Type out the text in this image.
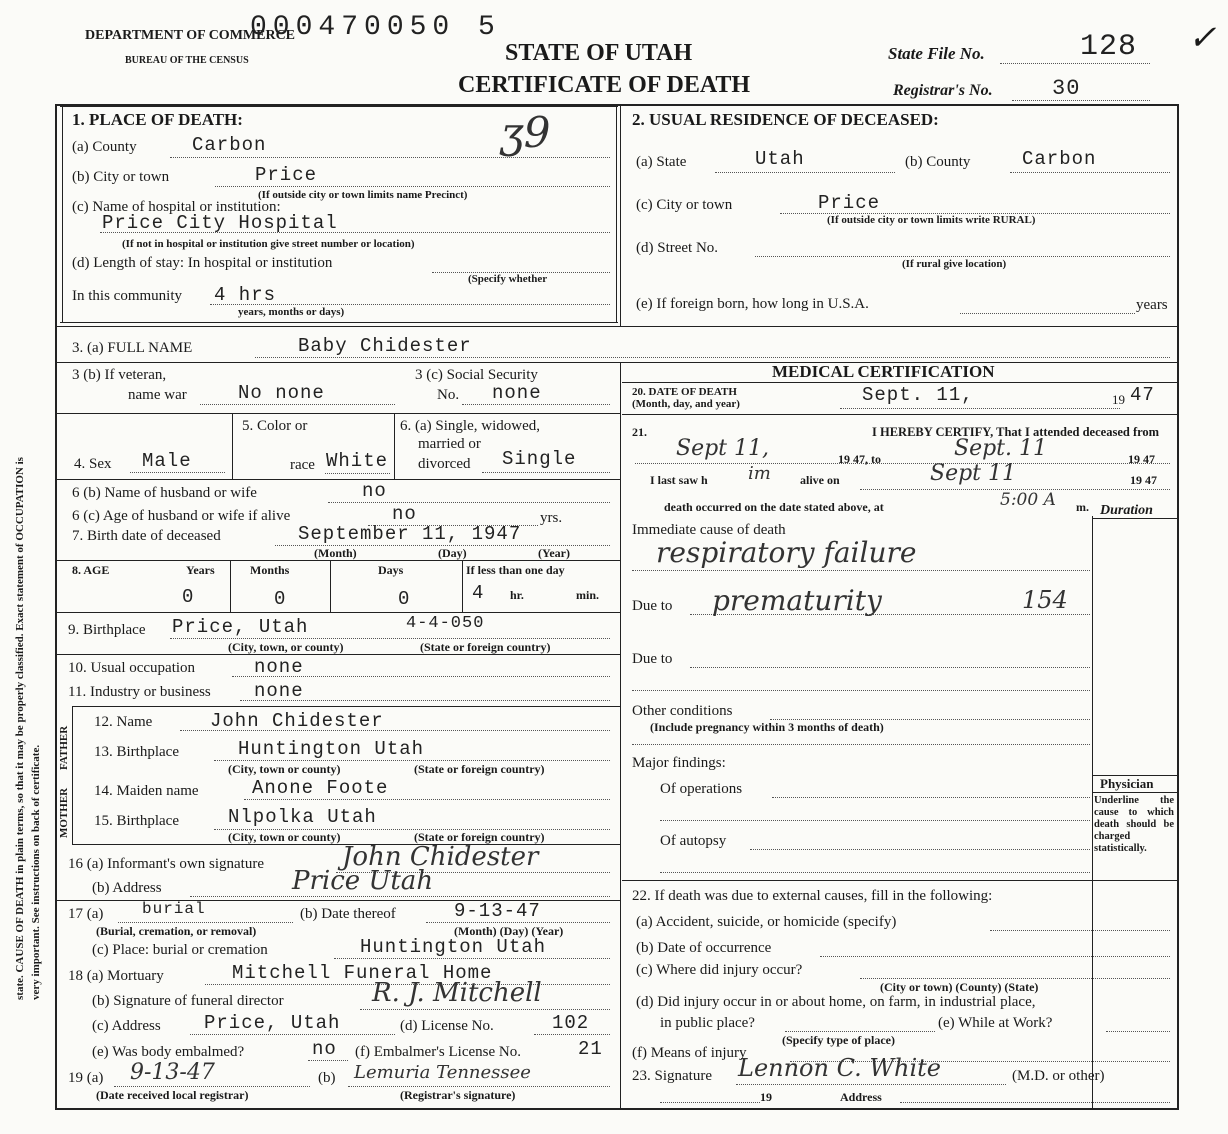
state. CAUSE OF DEATH in plain terms, so that it may be properly classified. Exact statement of OCCUPATION is very important. See instructions on back of certificate.
DEPARTMENT OF COMMERCE
BUREAU OF THE CENSUS
000470050 5
STATE OF UTAH
CERTIFICATE OF DEATH
State File No.	128
Registrar's No.	30
✓
1. PLACE OF DEATH:
(a) County	Carbon	ʒ9
(b) City or town	Price
(If outside city or town limits name Precinct)
(c) Name of hospital or institution:
Price City Hospital
(If not in hospital or institution give street number or location)
(d) Length of stay: In hospital or institution
(Specify whether
In this community 4 hrs
years, months or days)
2. USUAL RESIDENCE OF DECEASED:
(a) State	Utah	(b) County	Carbon
(c) City or town	Price
(If outside city or town limits write RURAL)
(d) Street No.
(If rural give location)
(e) If foreign born, how long in U.S.A.	years
3. (a) FULL NAME	Baby Chidester
3 (b) If veteran,
name war	No none
3 (c) Social Security
No. none
4. Sex Male
5. Color or
race White
6. (a) Single, widowed,
married or
divorced Single
6 (b) Name of husband or wife	no
6 (c) Age of husband or wife if alive	no	yrs.
7. Birth date of deceased	September 11, 1947
(Month)	(Day)	(Year)
8. AGE	Years	Months	Days	If less than one day
0	0	0	4 hr.	min.
9. Birthplace Price, Utah	4-4-050
(City, town, or county)	(State or foreign country)
10. Usual occupation	none
11. Industry or business none
FATHER
MOTHER
12. Name	John Chidester
13. Birthplace	Huntington Utah
(City, town or county)	(State or foreign country)
14. Maiden name	Anone Foote
15. Birthplace	Nlpolka Utah
(City, town or county)	(State or foreign country)
16 (a) Informant's own signature	John Chidester
(b) Address	Price Utah
17 (a) burial	(b) Date thereof	9-13-47
(Burial, cremation, or removal)	(Month) (Day) (Year)
(c) Place: burial or cremation	Huntington Utah
18 (a) Mortuary	Mitchell Funeral Home
(b) Signature of funeral director	R. J. Mitchell
(c) Address Price, Utah	(d) License No.	102
(e) Was body embalmed?	no (f) Embalmer's License No.	21
19 (a) 9-13-47	(b) Lemuria Tennessee
(Date received local registrar)	(Registrar's signature)
MEDICAL CERTIFICATION
20. DATE OF DEATH
(Month, day, and year)	Sept. 11,	19 47
21.	I HEREBY CERTIFY, That I attended deceased from
Sept 11,	19 47, to	Sept. 11	19 47
I last saw h im alive on	Sept 11	19 47
death occurred on the date stated above, at	5:00 A m. Duration
Immediate cause of death
respiratory failure
Due to prematurity	154
Due to
Other conditions
(Include pregnancy within 3 months of death)
Major findings:
Of operations
Of autopsy
Physician
Underline the cause to which death should be charged statistically.
22. If death was due to external causes, fill in the following:
(a) Accident, suicide, or homicide (specify)
(b) Date of occurrence
(c) Where did injury occur?
(City or town) (County) (State)
(d) Did injury occur in or about home, on farm, in industrial place,
in public place?	(e) While at Work?
(Specify type of place)
(f) Means of injury
23. Signature Lennon C. White	(M.D. or other)
19	Address
